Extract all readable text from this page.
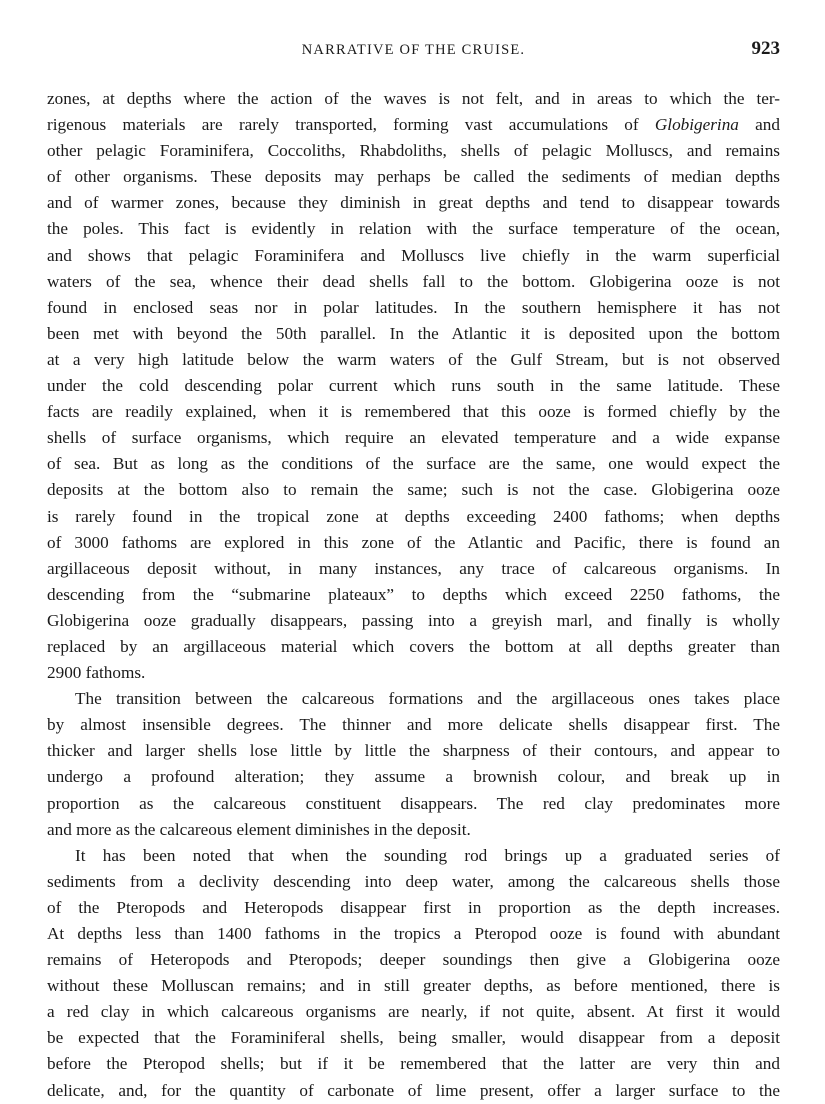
NARRATIVE OF THE CRUISE.	923
zones, at depths where the action of the waves is not felt, and in areas to which the ter-
rigenous materials are rarely transported, forming vast accumulations of Globigerina and
other pelagic Foraminifera, Coccoliths, Rhabdoliths, shells of pelagic Molluscs, and remains
of other organisms. These deposits may perhaps be called the sediments of median depths
and of warmer zones, because they diminish in great depths and tend to disappear towards
the poles. This fact is evidently in relation with the surface temperature of the ocean,
and shows that pelagic Foraminifera and Molluscs live chiefly in the warm superficial
waters of the sea, whence their dead shells fall to the bottom. Globigerina ooze is not
found in enclosed seas nor in polar latitudes. In the southern hemisphere it has not
been met with beyond the 50th parallel. In the Atlantic it is deposited upon the bottom
at a very high latitude below the warm waters of the Gulf Stream, but is not observed
under the cold descending polar current which runs south in the same latitude. These
facts are readily explained, when it is remembered that this ooze is formed chiefly by the
shells of surface organisms, which require an elevated temperature and a wide expanse
of sea. But as long as the conditions of the surface are the same, one would expect the
deposits at the bottom also to remain the same; such is not the case. Globigerina ooze
is rarely found in the tropical zone at depths exceeding 2400 fathoms; when depths
of 3000 fathoms are explored in this zone of the Atlantic and Pacific, there is found an
argillaceous deposit without, in many instances, any trace of calcareous organisms. In
descending from the “submarine plateaux” to depths which exceed 2250 fathoms, the
Globigerina ooze gradually disappears, passing into a greyish marl, and finally is wholly
replaced by an argillaceous material which covers the bottom at all depths greater than
2900 fathoms.
The transition between the calcareous formations and the argillaceous ones takes place
by almost insensible degrees. The thinner and more delicate shells disappear first. The
thicker and larger shells lose little by little the sharpness of their contours, and appear to
undergo a profound alteration; they assume a brownish colour, and break up in
proportion as the calcareous constituent disappears. The red clay predominates more
and more as the calcareous element diminishes in the deposit.
It has been noted that when the sounding rod brings up a graduated series of
sediments from a declivity descending into deep water, among the calcareous shells those
of the Pteropods and Heteropods disappear first in proportion as the depth increases.
At depths less than 1400 fathoms in the tropics a Pteropod ooze is found with abundant
remains of Heteropods and Pteropods; deeper soundings then give a Globigerina ooze
without these Molluscan remains; and in still greater depths, as before mentioned, there is
a red clay in which calcareous organisms are nearly, if not quite, absent. At first it would
be expected that the Foraminiferal shells, being smaller, would disappear from a deposit
before the Pteropod shells; but if it be remembered that the latter are very thin and
delicate, and, for the quantity of carbonate of lime present, offer a larger surface to the
